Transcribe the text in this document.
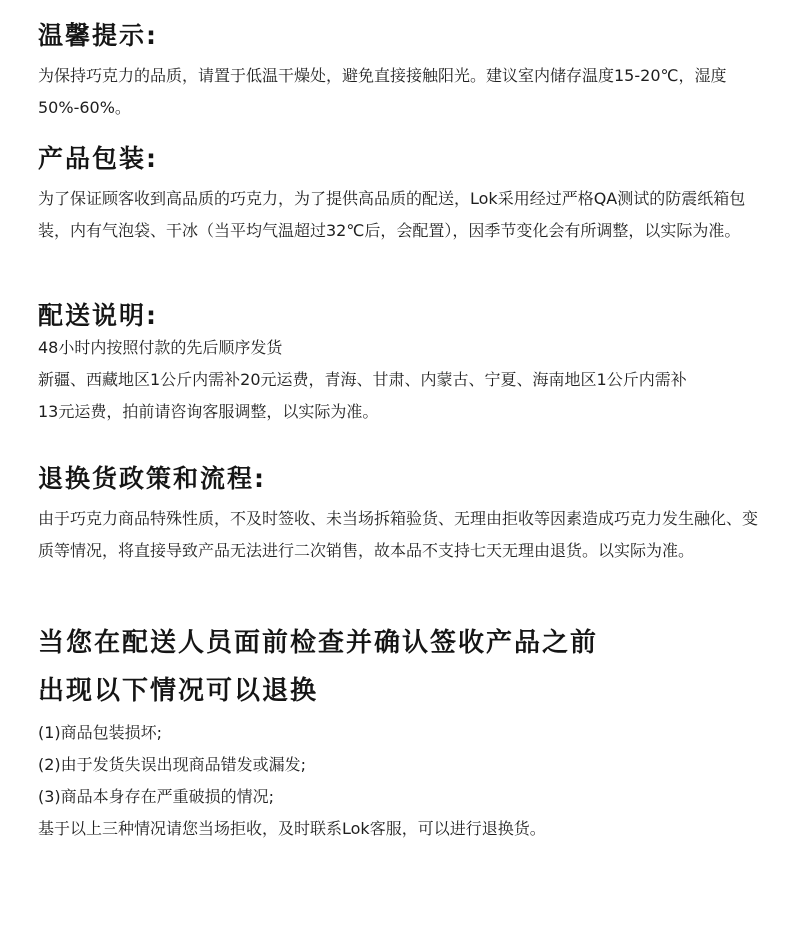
温馨提示:

为保持巧克力的品质，请置于低温干燥处，避免直接接触阳光。建议室内储存温度15-20℃，湿度50%-60%。

产品包装:

为了保证顾客收到高品质的巧克力，为了提供高品质的配送，Lok采用经过严格QA测试的防震纸箱包装，内有气泡袋、干冰（当平均气温超过32℃后，会配置），因季节变化会有所调整，以实际为准。

配送说明:
48小时内按照付款的先后顺序发货
新疆、西藏地区1公斤内需补20元运费，青海、甘肃、内蒙古、宁夏、海南地区1公斤内需补
13元运费，拍前请咨询客服调整，以实际为准。
退换货政策和流程:

由于巧克力商品特殊性质，不及时签收、未当场拆箱验货、无理由拒收等因素造成巧克力发生融化、变质等情况，将直接导致产品无法进行二次销售，故本品不支持七天无理由退货。以实际为准。

当您在配送人员面前检查并确认签收产品之前
出现以下情况可以退换
(1)商品包装损坏;
(2)由于发货失误出现商品错发或漏发;
(3)商品本身存在严重破损的情况;
基于以上三种情况请您当场拒收，及时联系Lok客服，可以进行退换货。
